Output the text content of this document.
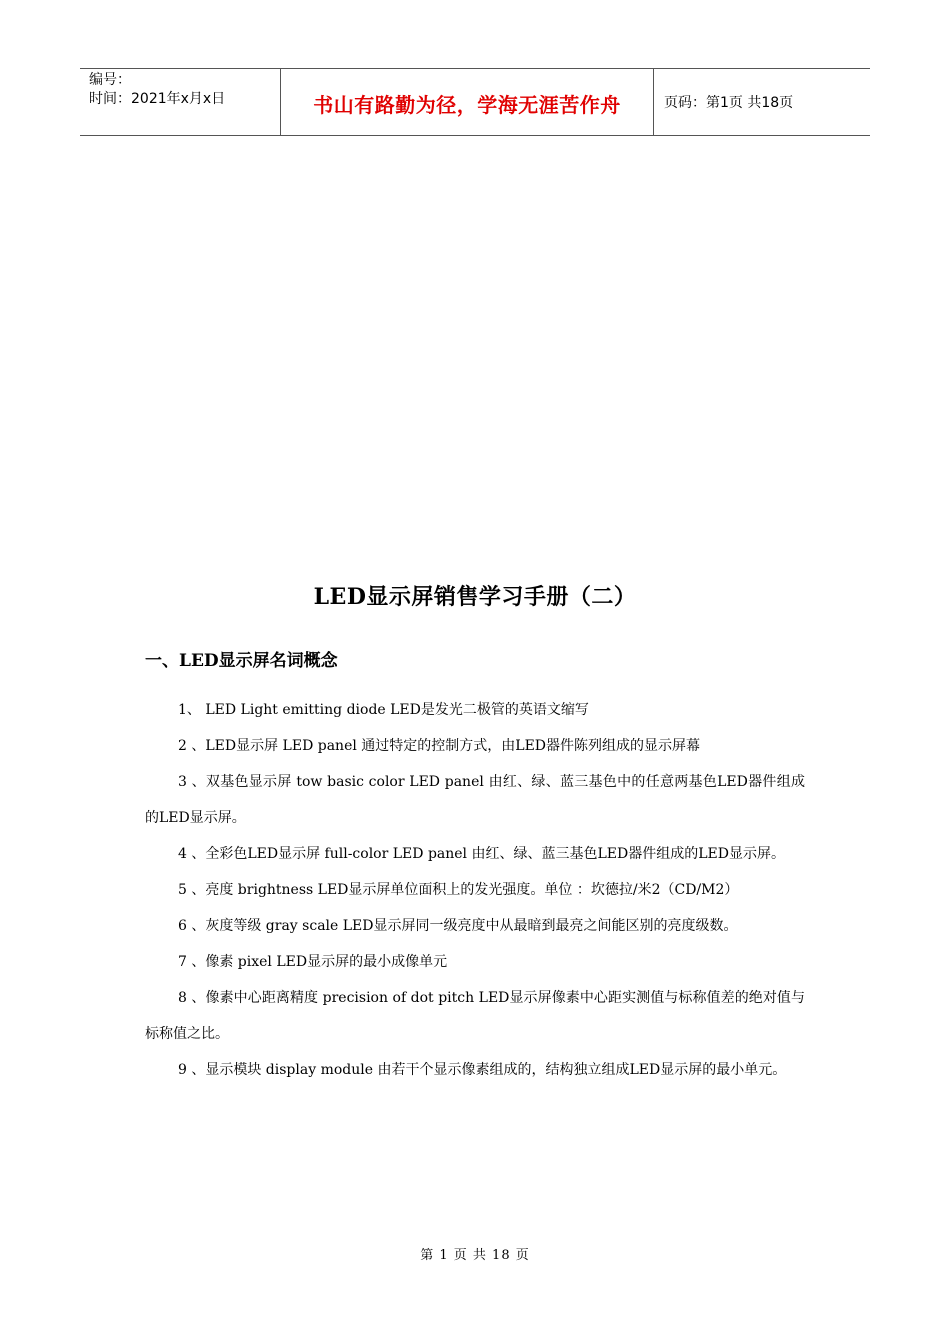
编号：
时间：2021年x月x日	书山有路勤为径，学海无涯苦作舟	页码：第1页 共18页
LED显示屏销售学习手册（二）
一、LED显示屏名词概念

1、 LED Light emitting diode LED是发光二极管的英语文缩写

2 、LED显示屏 LED panel 通过特定的控制方式，由LED器件陈列组成的显示屏幕

3 、双基色显示屏 tow basic color LED panel 由红、绿、蓝三基色中的任意两基色LED器件组成的LED显示屏。

4 、全彩色LED显示屏 full-color LED panel 由红、绿、蓝三基色LED器件组成的LED显示屏。

5 、亮度 brightness LED显示屏单位面积上的发光强度。单位 ：坎德拉/米2（CD/M2）

6 、灰度等级 gray scale LED显示屏同一级亮度中从最暗到最亮之间能区别的亮度级数。

7 、像素 pixel LED显示屏的最小成像单元

8 、像素中心距离精度 precision of dot pitch LED显示屏像素中心距实测值与标称值差的绝对值与标称值之比。

9 、显示模块 display module 由若干个显示像素组成的，结构独立组成LED显示屏的最小单元。

第 1 页 共 18 页
